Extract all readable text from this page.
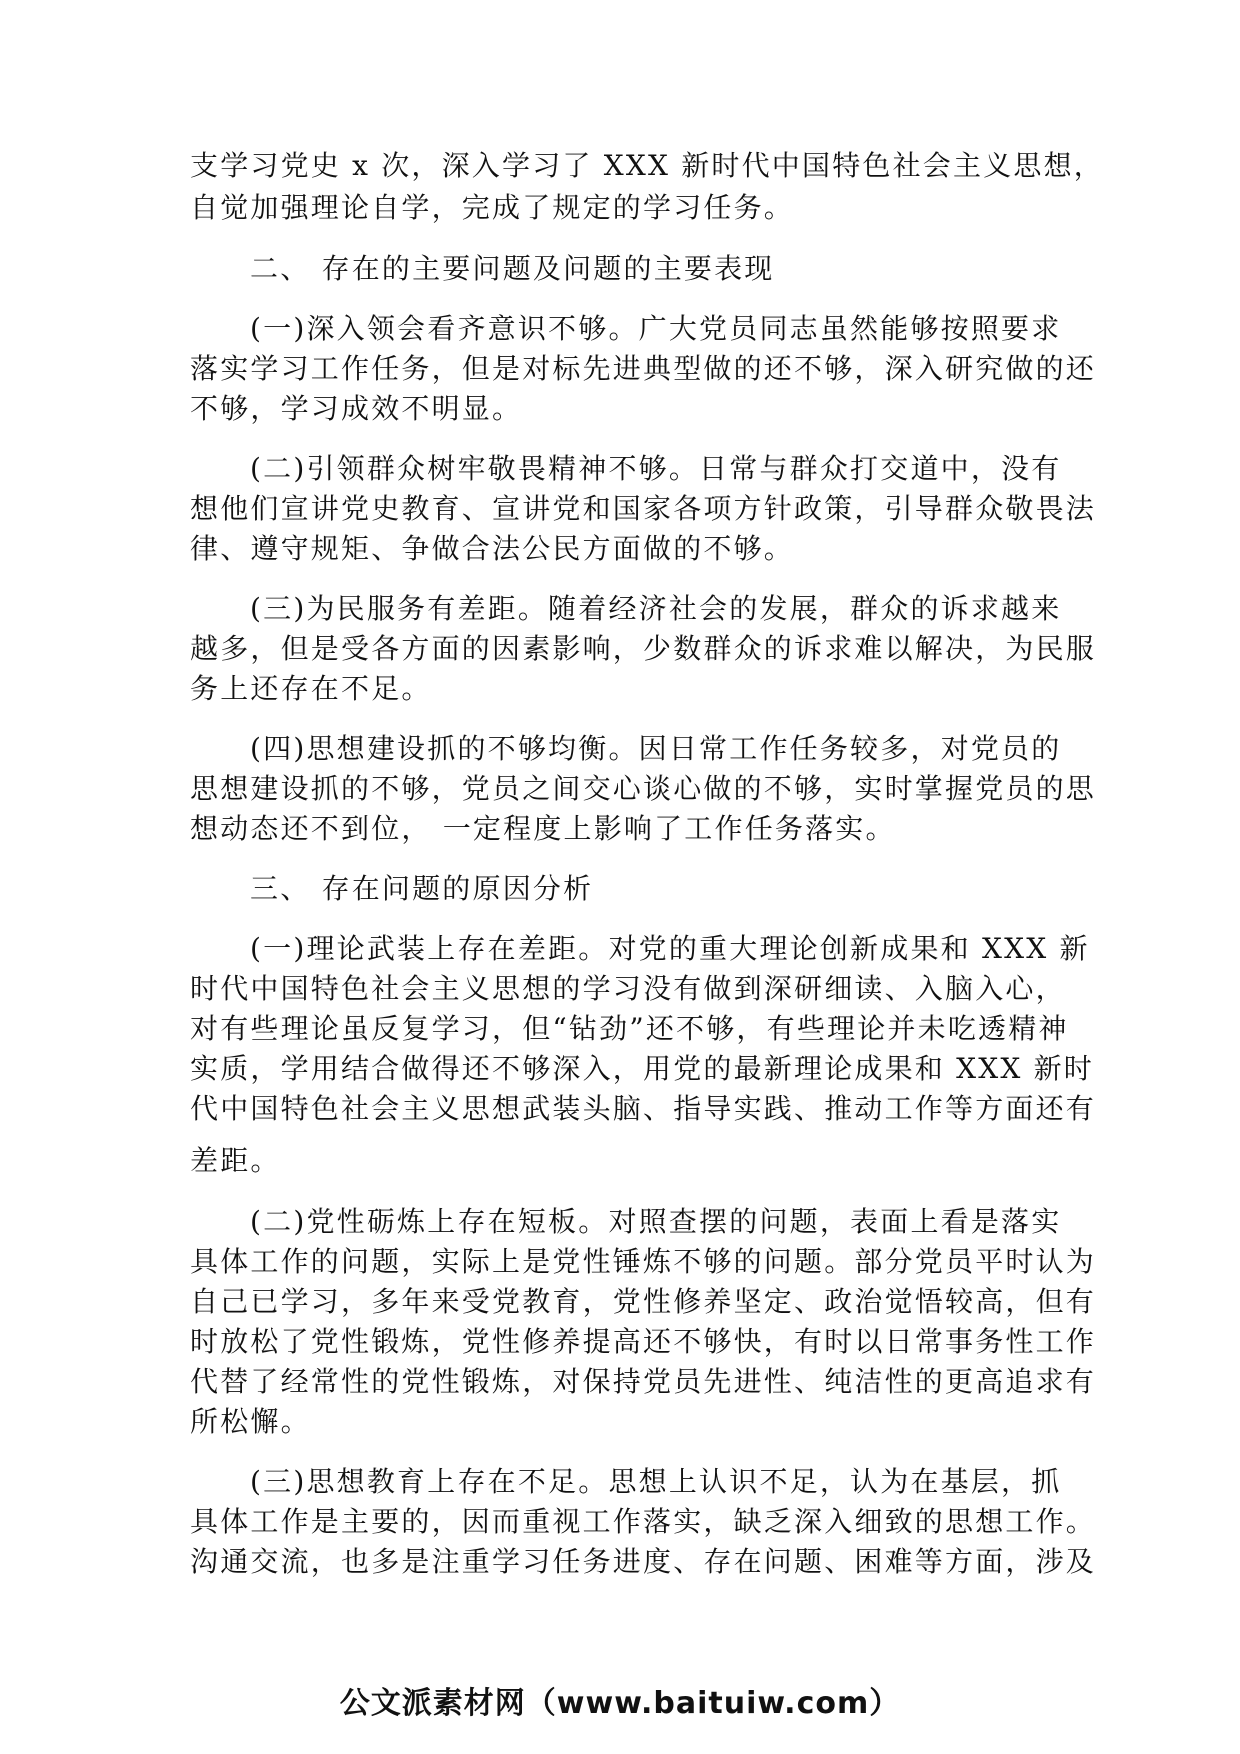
支学习党史 x 次，深入学习了 XXX 新时代中国特色社会主义思想，
自觉加强理论自学，完成了规定的学习任务。
二、 存在的主要问题及问题的主要表现
(一)深入领会看齐意识不够。广大党员同志虽然能够按照要求
落实学习工作任务，但是对标先进典型做的还不够，深入研究做的还
不够，学习成效不明显。
(二)引领群众树牢敬畏精神不够。日常与群众打交道中，没有
想他们宣讲党史教育、宣讲党和国家各项方针政策，引导群众敬畏法
律、遵守规矩、争做合法公民方面做的不够。
(三)为民服务有差距。随着经济社会的发展，群众的诉求越来
越多，但是受各方面的因素影响，少数群众的诉求难以解决，为民服
务上还存在不足。
(四)思想建设抓的不够均衡。因日常工作任务较多，对党员的
思想建设抓的不够，党员之间交心谈心做的不够，实时掌握党员的思
想动态还不到位， 一定程度上影响了工作任务落实。
三、 存在问题的原因分析
(一)理论武装上存在差距。对党的重大理论创新成果和 XXX 新
时代中国特色社会主义思想的学习没有做到深研细读、入脑入心，
对有些理论虽反复学习，但“钻劲”还不够，有些理论并未吃透精神
实质，学用结合做得还不够深入，用党的最新理论成果和 XXX 新时
代中国特色社会主义思想武装头脑、指导实践、推动工作等方面还有
差距。
(二)党性砺炼上存在短板。对照查摆的问题，表面上看是落实
具体工作的问题，实际上是党性锤炼不够的问题。部分党员平时认为
自己已学习，多年来受党教育，党性修养坚定、政治觉悟较高，但有
时放松了党性锻炼，党性修养提高还不够快，有时以日常事务性工作
代替了经常性的党性锻炼，对保持党员先进性、纯洁性的更高追求有
所松懈。
(三)思想教育上存在不足。思想上认识不足，认为在基层，抓
具体工作是主要的，因而重视工作落实，缺乏深入细致的思想工作。
沟通交流，也多是注重学习任务进度、存在问题、困难等方面，涉及
公文派素材网（www.baituiw.com）
